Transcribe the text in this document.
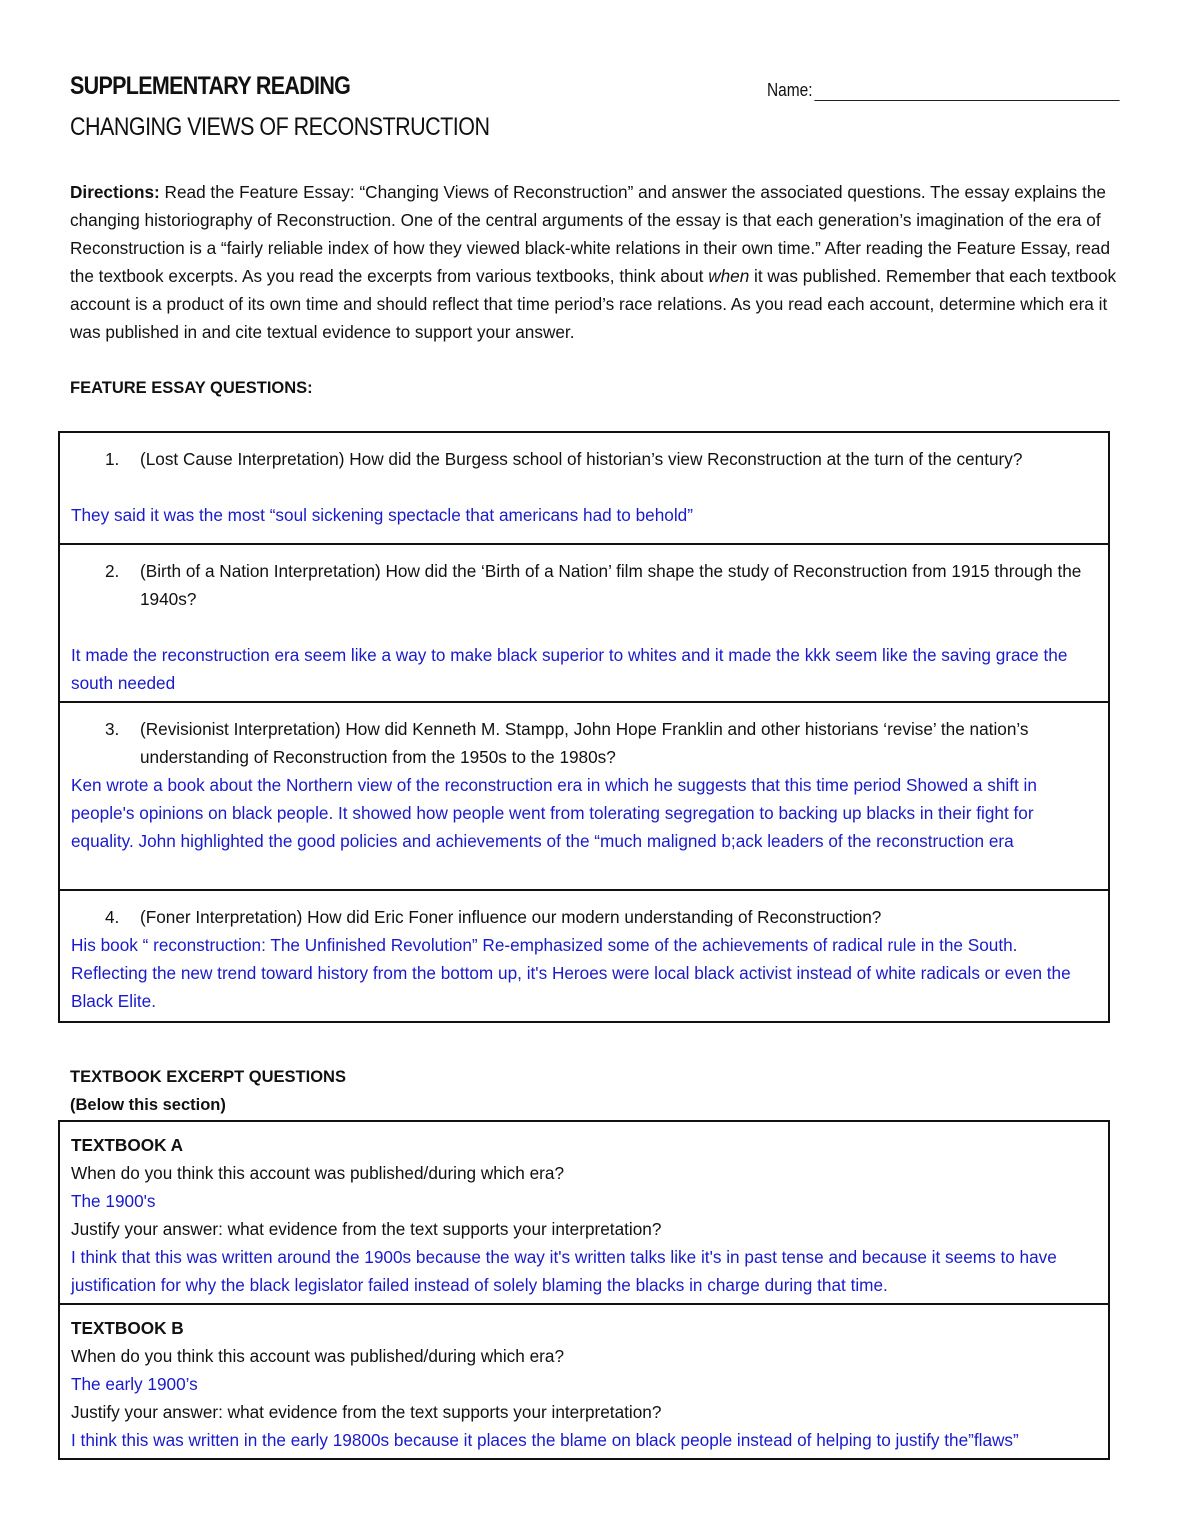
SUPPLEMENTARY READING
CHANGING VIEWS OF RECONSTRUCTION
Name:
Directions: Read the Feature Essay: “Changing Views of Reconstruction” and answer the associated questions. The essay explains the changing historiography of Reconstruction. One of the central arguments of the essay is that each generation’s imagination of the era of Reconstruction is a “fairly reliable index of how they viewed black-white relations in their own time.” After reading the Feature Essay, read the textbook excerpts. As you read the excerpts from various textbooks, think about when it was published. Remember that each textbook account is a product of its own time and should reflect that time period’s race relations. As you read each account, determine which era it was published in and cite textual evidence to support your answer.
FEATURE ESSAY QUESTIONS:
1.	(Lost Cause Interpretation) How did the Burgess school of historian’s view Reconstruction at the turn of the century?
They said it was the most “soul sickening spectacle that americans had to behold”

2.	(Birth of a Nation Interpretation) How did the ‘Birth of a Nation’ film shape the study of Reconstruction from 1915 through the 1940s?
It made the reconstruction era seem like a way to make black superior to whites and it made the kkk seem like the saving grace the south needed

3.	(Revisionist Interpretation) How did Kenneth M. Stampp, John Hope Franklin and other historians ‘revise’ the nation’s understanding of Reconstruction from the 1950s to the 1980s?
Ken wrote a book about the Northern view of the reconstruction era in which he suggests that this time period Showed a shift in people's opinions on black people. It showed how people went from tolerating segregation to backing up blacks in their fight for equality. John highlighted the good policies and achievements of the “much maligned b;ack leaders of the reconstruction era

4.	(Foner Interpretation) How did Eric Foner influence our modern understanding of Reconstruction?
His book “ reconstruction: The Unfinished Revolution” Re-emphasized some of the achievements of radical rule in the South. Reflecting the new trend toward history from the bottom up, it's Heroes were local black activist instead of white radicals or even the Black Elite.
TEXTBOOK EXCERPT QUESTIONS
(Below this section)
TEXTBOOK A
When do you think this account was published/during which era?
The 1900's
Justify your answer: what evidence from the text supports your interpretation?
I think that this was written around the 1900s because the way it's written talks like it's in past tense and because it seems to have justification for why the black legislator failed instead of solely blaming the blacks in charge during that time.

TEXTBOOK B
When do you think this account was published/during which era?
The early 1900’s
Justify your answer: what evidence from the text supports your interpretation?
I think this was written in the early 19800s because it places the blame on black people instead of helping to justify the”flaws”
